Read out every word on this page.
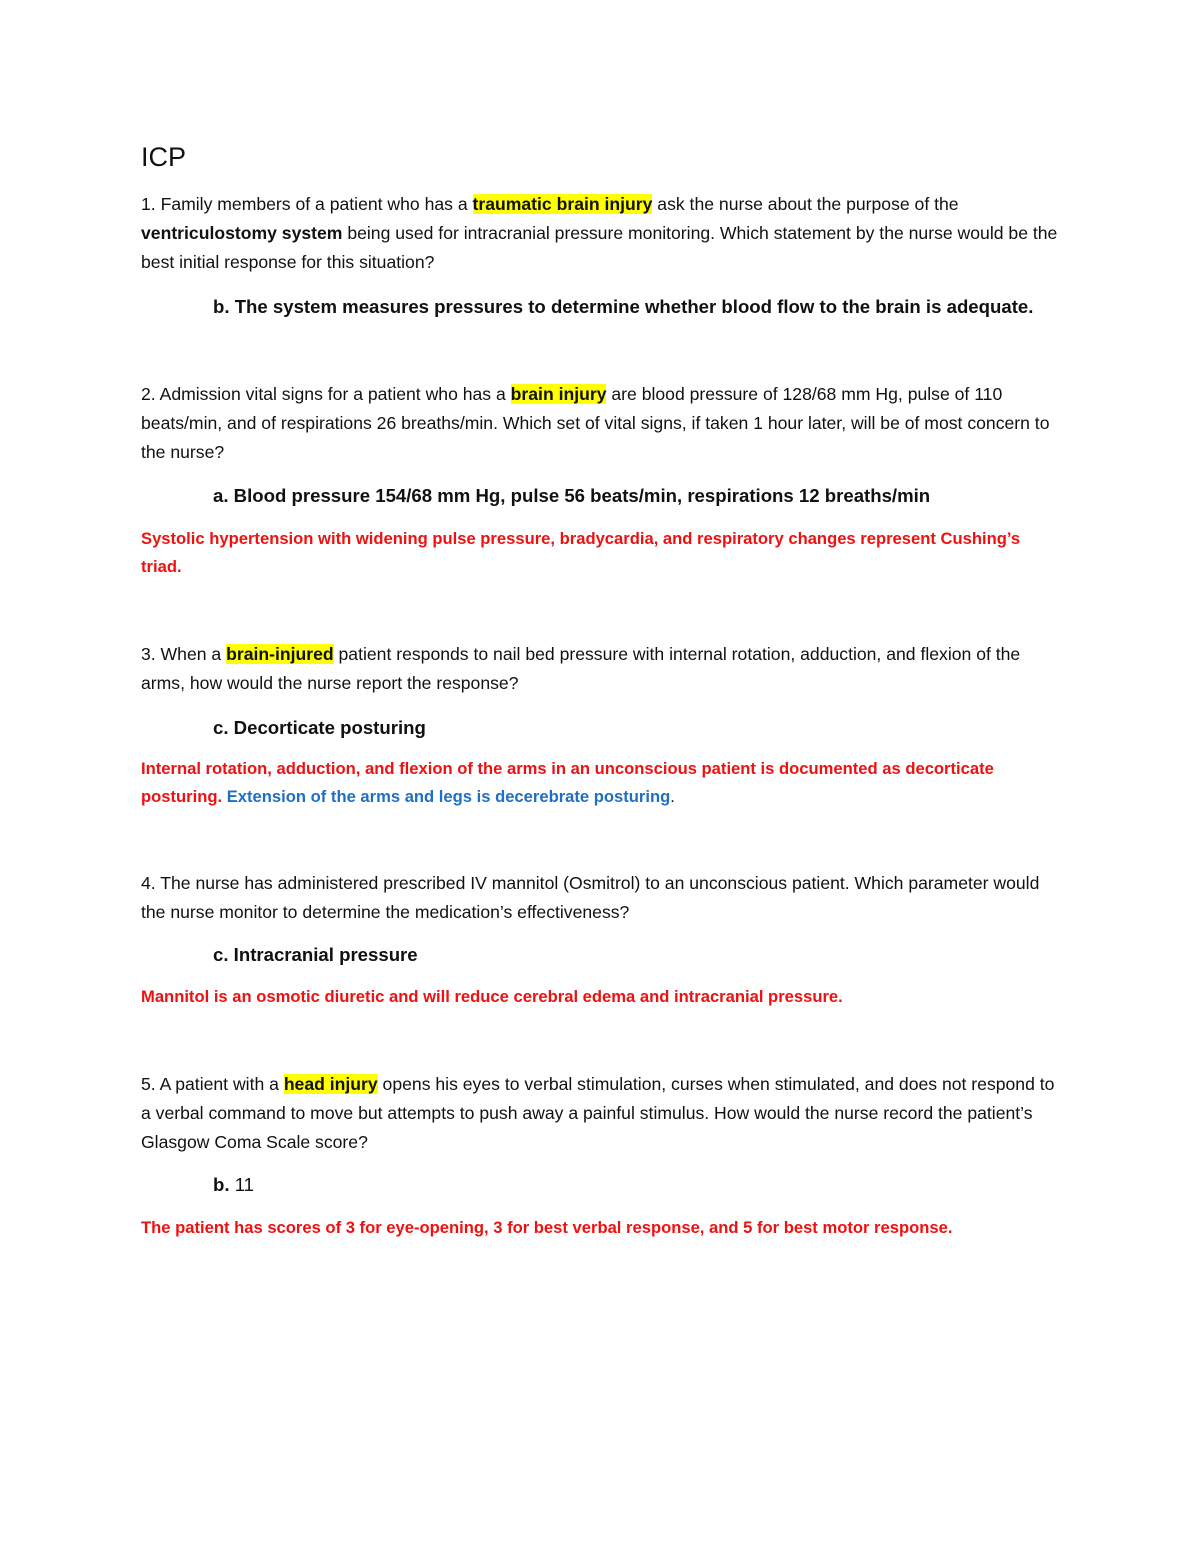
ICP

1. Family members of a patient who has a traumatic brain injury ask the nurse about the purpose of the ventriculostomy system being used for intracranial pressure monitoring. Which statement by the nurse would be the best initial response for this situation?

b. The system measures pressures to determine whether blood flow to the brain is adequate.

2. Admission vital signs for a patient who has a brain injury are blood pressure of 128/68 mm Hg, pulse of 110 beats/min, and of respirations 26 breaths/min. Which set of vital signs, if taken 1 hour later, will be of most concern to the nurse?

a. Blood pressure 154/68 mm Hg, pulse 56 beats/min, respirations 12 breaths/min

Systolic hypertension with widening pulse pressure, bradycardia, and respiratory changes represent Cushing’s triad.

3. When a brain-injured patient responds to nail bed pressure with internal rotation, adduction, and flexion of the arms, how would the nurse report the response?

c. Decorticate posturing

Internal rotation, adduction, and flexion of the arms in an unconscious patient is documented as decorticate posturing. Extension of the arms and legs is decerebrate posturing.

4. The nurse has administered prescribed IV mannitol (Osmitrol) to an unconscious patient. Which parameter would the nurse monitor to determine the medication’s effectiveness?

c. Intracranial pressure

Mannitol is an osmotic diuretic and will reduce cerebral edema and intracranial pressure.

5. A patient with a head injury opens his eyes to verbal stimulation, curses when stimulated, and does not respond to a verbal command to move but attempts to push away a painful stimulus. How would the nurse record the patient’s Glasgow Coma Scale score?

b. 11

The patient has scores of 3 for eye-opening, 3 for best verbal response, and 5 for best motor response.
